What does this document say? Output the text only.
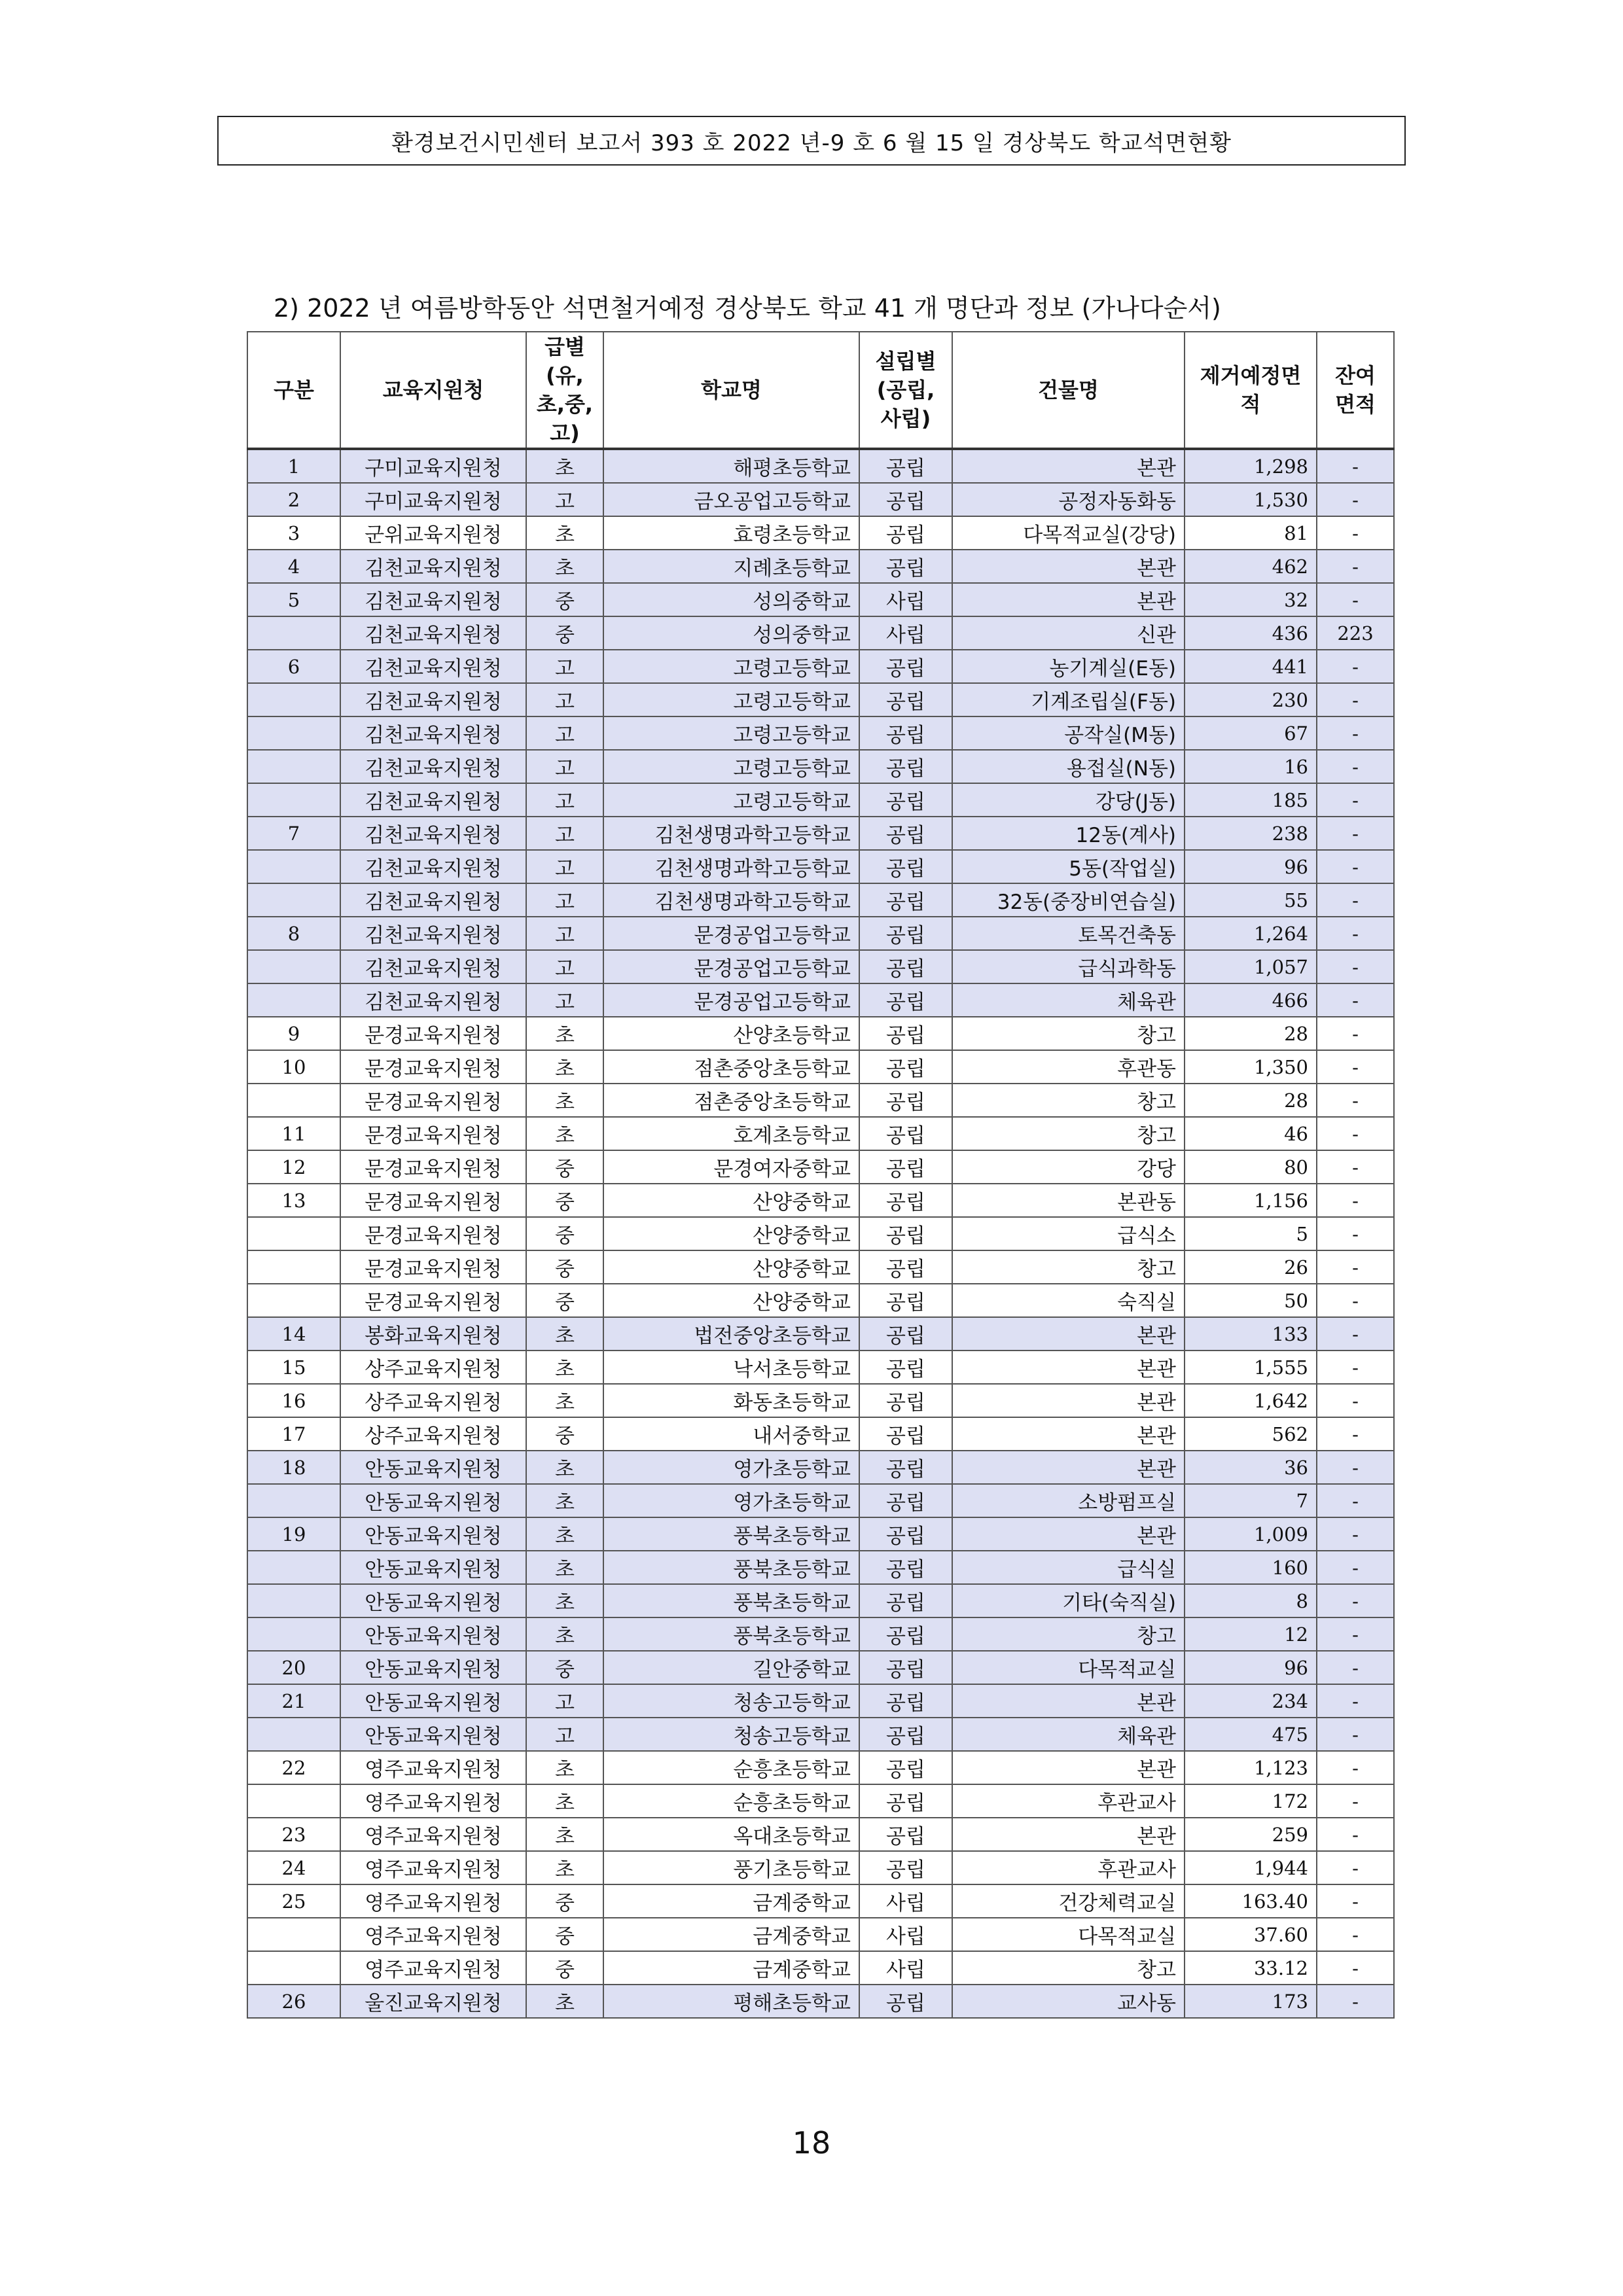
환경보건시민센터 보고서 393 호 2022 년-9 호 6 월 15 일 경상북도 학교석면현황
2) 2022 년 여름방학동안 석면철거예정 경상북도 학교 41 개 명단과 정보 (가나다순서)
구분	교육지원청	급별(유,초,중,고)	학교명	설립별(공립,사립)	건물명	제거예정면적	잔여면적
1	구미교육지원청	초	해평초등학교	공립	본관	1,298	-
2	구미교육지원청	고	금오공업고등학교	공립	공정자동화동	1,530	-
3	군위교육지원청	초	효령초등학교	공립	다목적교실(강당)	81	-
4	김천교육지원청	초	지례초등학교	공립	본관	462	-
5	김천교육지원청	중	성의중학교	사립	본관	32	-
	김천교육지원청	중	성의중학교	사립	신관	436	223
6	김천교육지원청	고	고령고등학교	공립	농기계실(E동)	441	-
	김천교육지원청	고	고령고등학교	공립	기계조립실(F동)	230	-
	김천교육지원청	고	고령고등학교	공립	공작실(M동)	67	-
	김천교육지원청	고	고령고등학교	공립	용접실(N동)	16	-
	김천교육지원청	고	고령고등학교	공립	강당(J동)	185	-
7	김천교육지원청	고	김천생명과학고등학교	공립	12동(계사)	238	-
	김천교육지원청	고	김천생명과학고등학교	공립	5동(작업실)	96	-
	김천교육지원청	고	김천생명과학고등학교	공립	32동(중장비연습실)	55	-
8	김천교육지원청	고	문경공업고등학교	공립	토목건축동	1,264	-
	김천교육지원청	고	문경공업고등학교	공립	급식과학동	1,057	-
	김천교육지원청	고	문경공업고등학교	공립	체육관	466	-
9	문경교육지원청	초	산양초등학교	공립	창고	28	-
10	문경교육지원청	초	점촌중앙초등학교	공립	후관동	1,350	-
	문경교육지원청	초	점촌중앙초등학교	공립	창고	28	-
11	문경교육지원청	초	호계초등학교	공립	창고	46	-
12	문경교육지원청	중	문경여자중학교	공립	강당	80	-
13	문경교육지원청	중	산양중학교	공립	본관동	1,156	-
	문경교육지원청	중	산양중학교	공립	급식소	5	-
	문경교육지원청	중	산양중학교	공립	창고	26	-
	문경교육지원청	중	산양중학교	공립	숙직실	50	-
14	봉화교육지원청	초	법전중앙초등학교	공립	본관	133	-
15	상주교육지원청	초	낙서초등학교	공립	본관	1,555	-
16	상주교육지원청	초	화동초등학교	공립	본관	1,642	-
17	상주교육지원청	중	내서중학교	공립	본관	562	-
18	안동교육지원청	초	영가초등학교	공립	본관	36	-
	안동교육지원청	초	영가초등학교	공립	소방펌프실	7	-
19	안동교육지원청	초	풍북초등학교	공립	본관	1,009	-
	안동교육지원청	초	풍북초등학교	공립	급식실	160	-
	안동교육지원청	초	풍북초등학교	공립	기타(숙직실)	8	-
	안동교육지원청	초	풍북초등학교	공립	창고	12	-
20	안동교육지원청	중	길안중학교	공립	다목적교실	96	-
21	안동교육지원청	고	청송고등학교	공립	본관	234	-
	안동교육지원청	고	청송고등학교	공립	체육관	475	-
22	영주교육지원청	초	순흥초등학교	공립	본관	1,123	-
	영주교육지원청	초	순흥초등학교	공립	후관교사	172	-
23	영주교육지원청	초	옥대초등학교	공립	본관	259	-
24	영주교육지원청	초	풍기초등학교	공립	후관교사	1,944	-
25	영주교육지원청	중	금계중학교	사립	건강체력교실	163.40	-
	영주교육지원청	중	금계중학교	사립	다목적교실	37.60	-
	영주교육지원청	중	금계중학교	사립	창고	33.12	-
26	울진교육지원청	초	평해초등학교	공립	교사동	173	-
18
